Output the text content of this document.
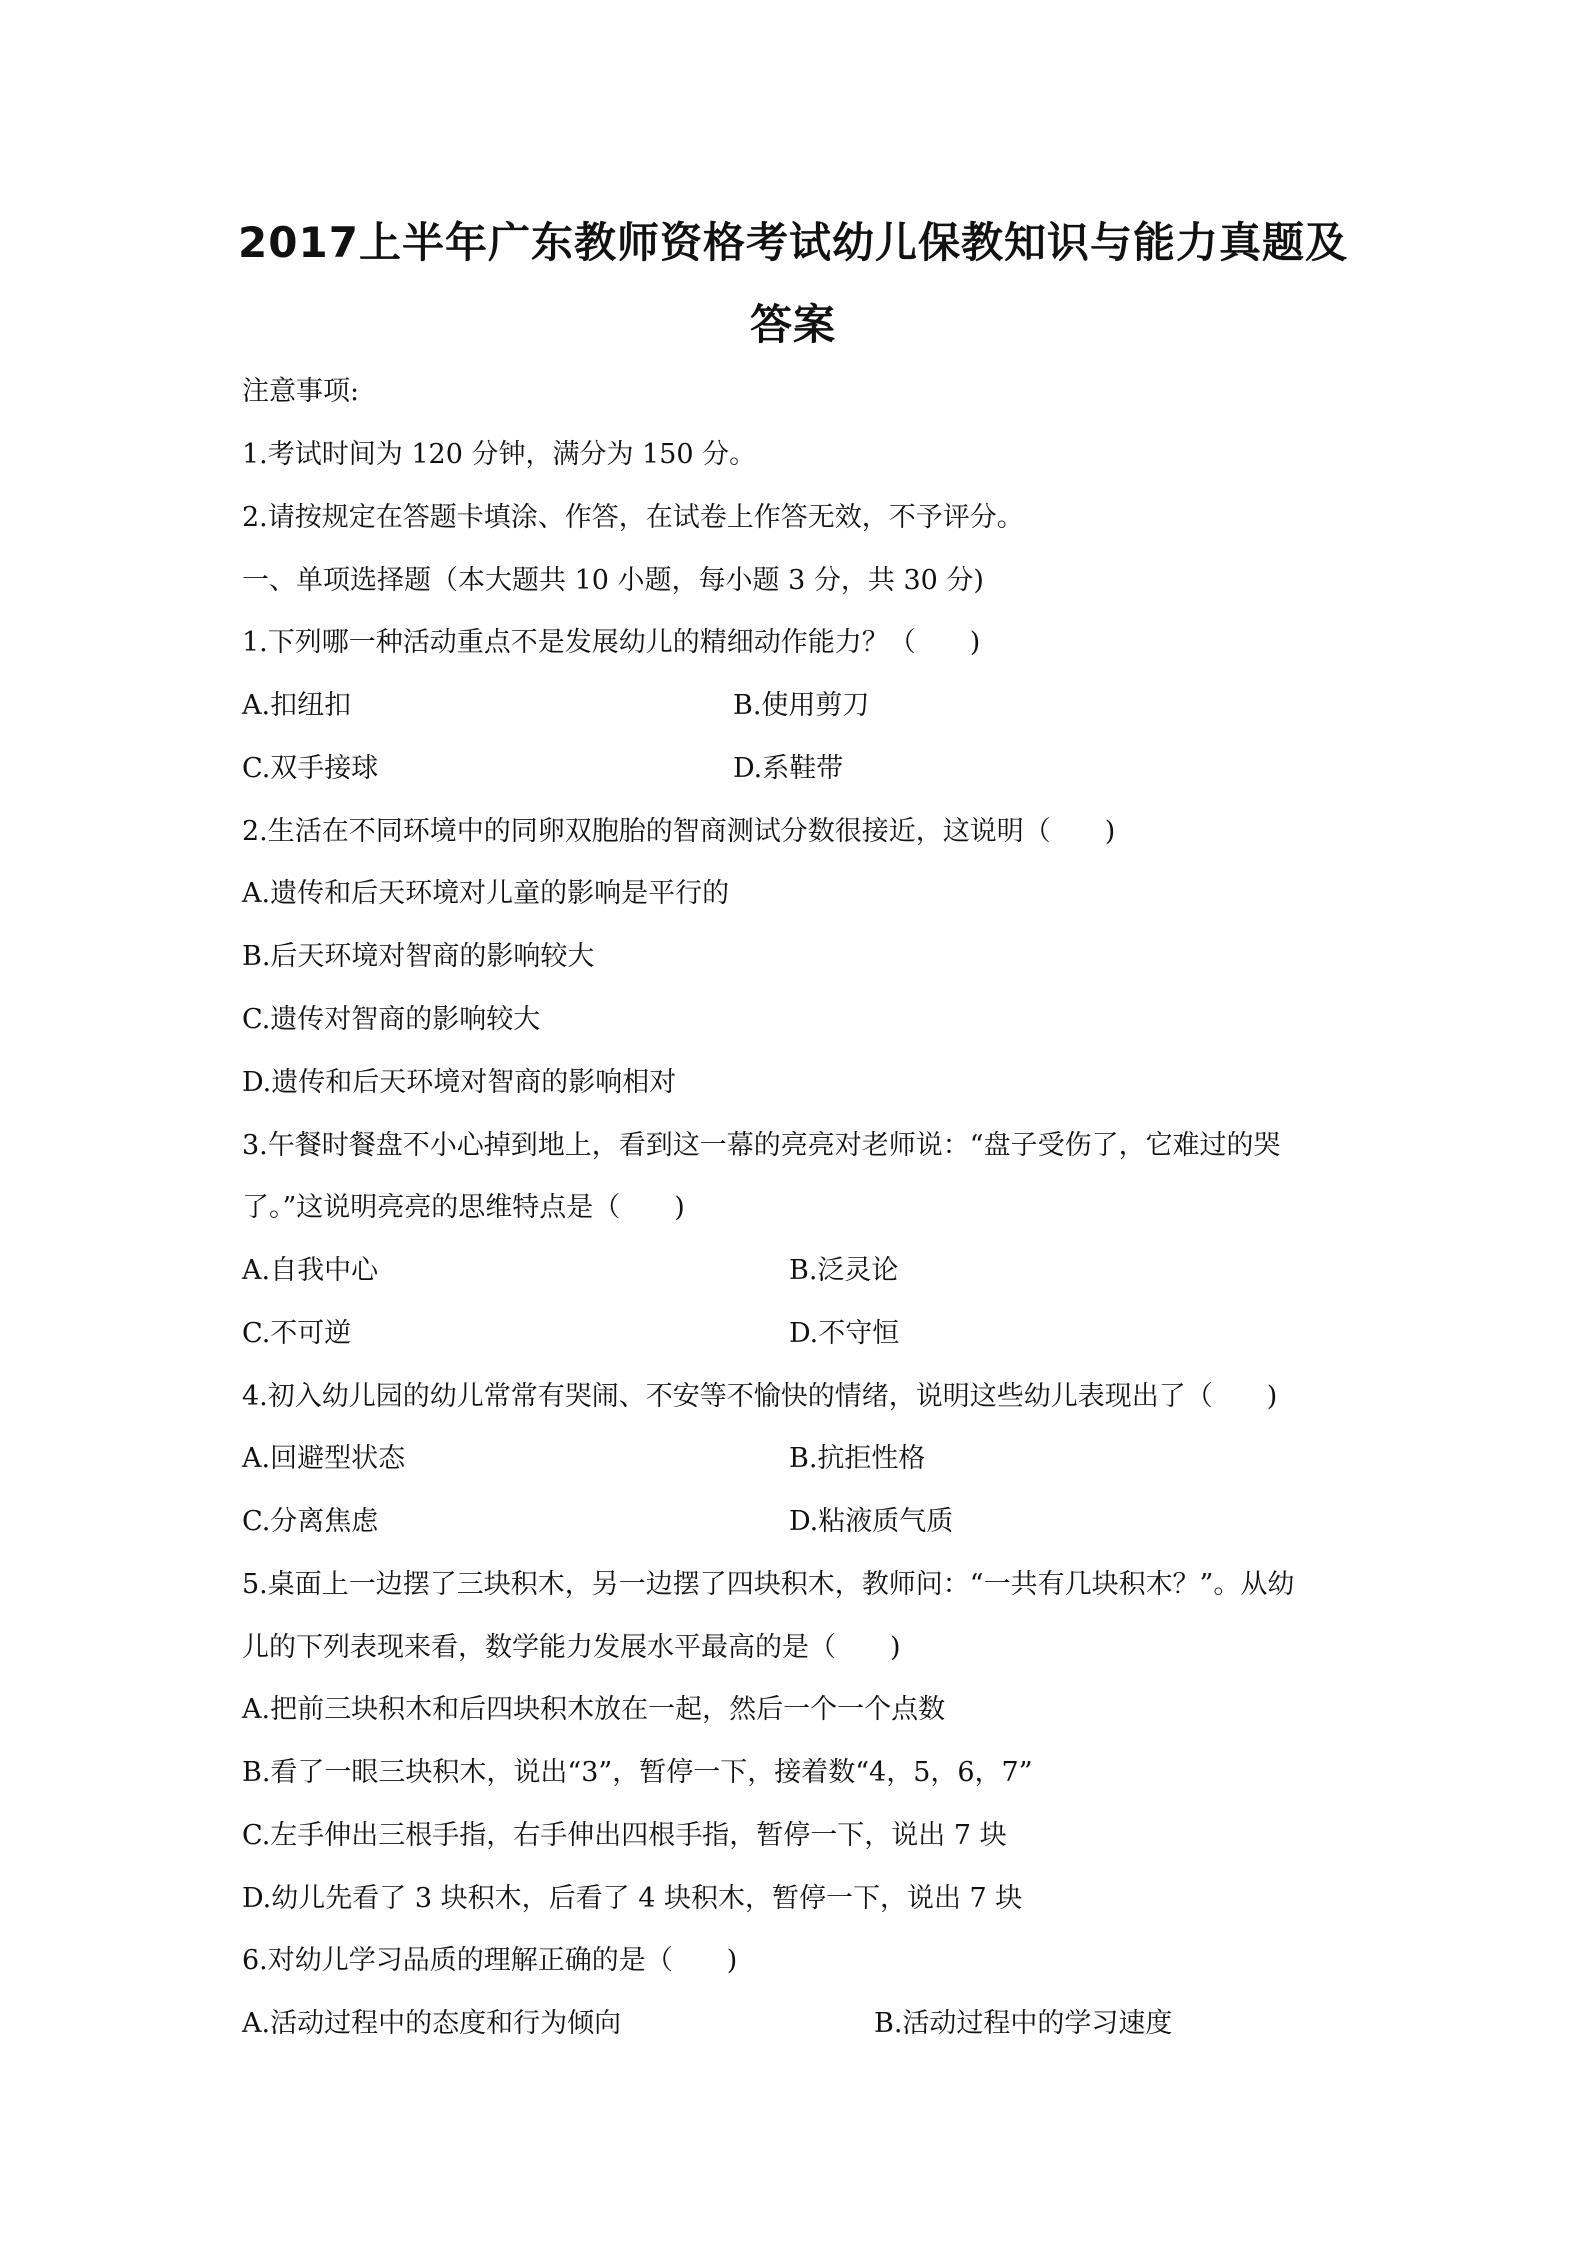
2017上半年广东教师资格考试幼儿保教知识与能力真题及
答案
注意事项:
1.考试时间为 120 分钟，满分为 150 分。
2.请按规定在答题卡填涂、作答，在试卷上作答无效，不予评分。
一、单项选择题（本大题共 10 小题，每小题 3 分，共 30 分)
1.下列哪一种活动重点不是发展幼儿的精细动作能力？（　　)
A.扣纽扣	B.使用剪刀
C.双手接球	D.系鞋带
2.生活在不同环境中的同卵双胞胎的智商测试分数很接近，这说明（　　)
A.遗传和后天环境对儿童的影响是平行的
B.后天环境对智商的影响较大
C.遗传对智商的影响较大
D.遗传和后天环境对智商的影响相对
3.午餐时餐盘不小心掉到地上，看到这一幕的亮亮对老师说：“盘子受伤了，它难过的哭
了。”这说明亮亮的思维特点是（　　)
A.自我中心	B.泛灵论
C.不可逆	D.不守恒
4.初入幼儿园的幼儿常常有哭闹、不安等不愉快的情绪，说明这些幼儿表现出了（　　)
A.回避型状态	B.抗拒性格
C.分离焦虑	D.粘液质气质
5.桌面上一边摆了三块积木，另一边摆了四块积木，教师问：“一共有几块积木？”。从幼
儿的下列表现来看，数学能力发展水平最高的是（　　)
A.把前三块积木和后四块积木放在一起，然后一个一个点数
B.看了一眼三块积木，说出“3”，暂停一下，接着数“4，5，6，7”
C.左手伸出三根手指，右手伸出四根手指，暂停一下，说出 7 块
D.幼儿先看了 3 块积木，后看了 4 块积木，暂停一下，说出 7 块
6.对幼儿学习品质的理解正确的是（　　)
A.活动过程中的态度和行为倾向	B.活动过程中的学习速度
